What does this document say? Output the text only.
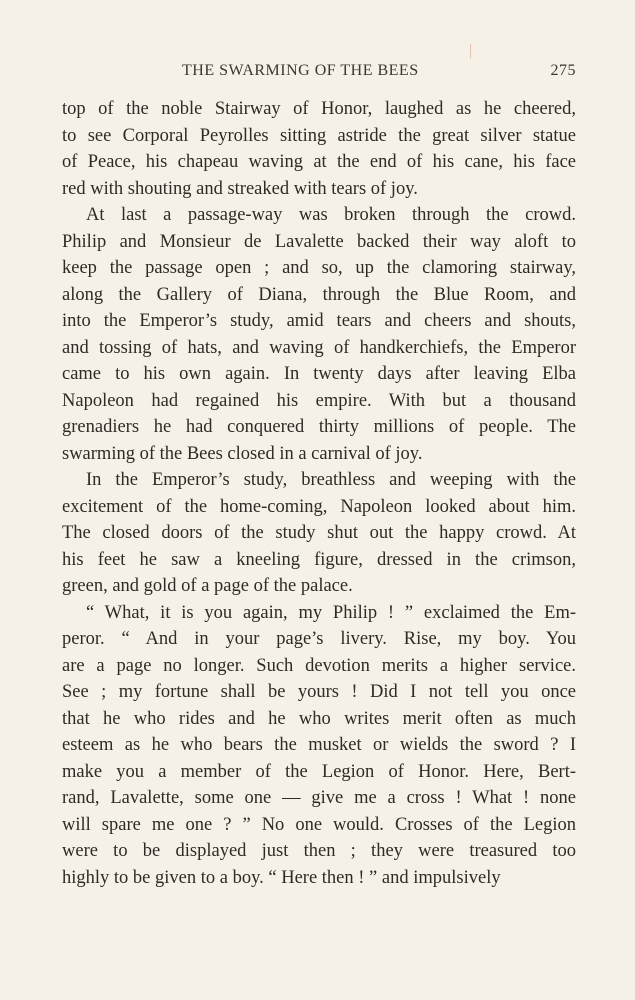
THE SWARMING OF THE BEES	275
top of the noble Stairway of Honor, laughed as he cheered,
to see Corporal Peyrolles sitting astride the great silver statue
of Peace, his chapeau waving at the end of his cane, his face
red with shouting and streaked with tears of joy.
At last a passage-way was broken through the crowd.
Philip and Monsieur de Lavalette backed their way aloft to
keep the passage open ; and so, up the clamoring stairway,
along the Gallery of Diana, through the Blue Room, and
into the Emperor’s study, amid tears and cheers and shouts,
and tossing of hats, and waving of handkerchiefs, the Emperor
came to his own again. In twenty days after leaving Elba
Napoleon had regained his empire. With but a thousand
grenadiers he had conquered thirty millions of people. The
swarming of the Bees closed in a carnival of joy.
In the Emperor’s study, breathless and weeping with the
excitement of the home-coming, Napoleon looked about him.
The closed doors of the study shut out the happy crowd. At
his feet he saw a kneeling figure, dressed in the crimson,
green, and gold of a page of the palace.
“ What, it is you again, my Philip ! ” exclaimed the Em-
peror. “ And in your page’s livery. Rise, my boy. You
are a page no longer. Such devotion merits a higher service.
See ; my fortune shall be yours ! Did I not tell you once
that he who rides and he who writes merit often as much
esteem as he who bears the musket or wields the sword ? I
make you a member of the Legion of Honor. Here, Bert-
rand, Lavalette, some one — give me a cross ! What ! none
will spare me one ? ” No one would. Crosses of the Legion
were to be displayed just then ; they were treasured too
highly to be given to a boy. “ Here then ! ” and impulsively
